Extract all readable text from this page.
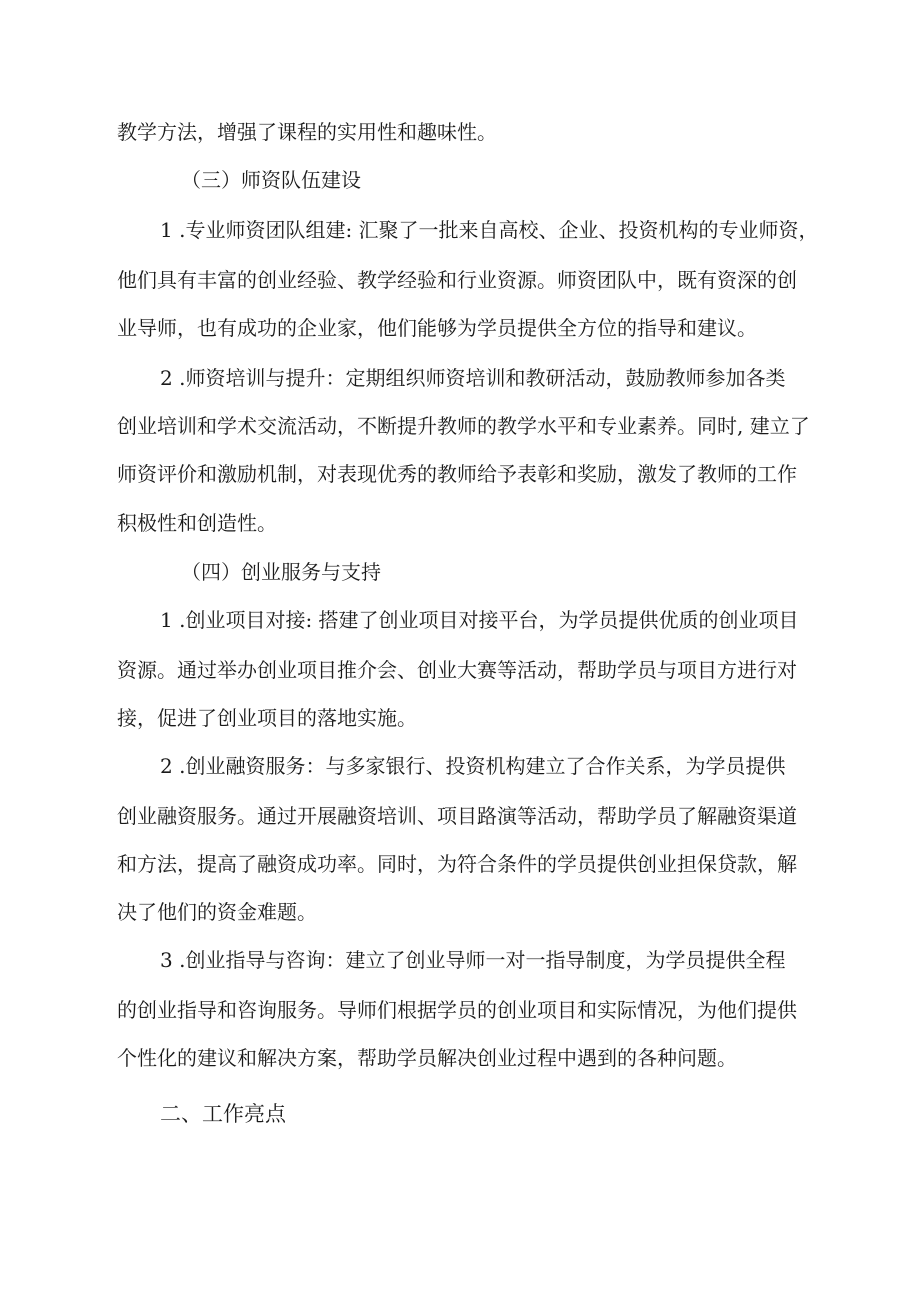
教学方法，增强了课程的实用性和趣味性。
（三）师资队伍建设
1 .专业师资团队组建: 汇聚了一批来自高校、企业、投资机构的专业师资，
他们具有丰富的创业经验、教学经验和行业资源。师资团队中，既有资深的创
业导师，也有成功的企业家，他们能够为学员提供全方位的指导和建议。
2 .师资培训与提升：定期组织师资培训和教研活动，鼓励教师参加各类
创业培训和学术交流活动，不断提升教师的教学水平和专业素养。同时, 建立了
师资评价和激励机制，对表现优秀的教师给予表彰和奖励，激发了教师的工作
积极性和创造性。
（四）创业服务与支持
1 .创业项目对接: 搭建了创业项目对接平台，为学员提供优质的创业项目
资源。通过举办创业项目推介会、创业大赛等活动，帮助学员与项目方进行对
接，促进了创业项目的落地实施。
2 .创业融资服务：与多家银行、投资机构建立了合作关系，为学员提供
创业融资服务。通过开展融资培训、项目路演等活动，帮助学员了解融资渠道
和方法，提高了融资成功率。同时，为符合条件的学员提供创业担保贷款，解
决了他们的资金难题。
3 .创业指导与咨询：建立了创业导师一对一指导制度，为学员提供全程
的创业指导和咨询服务。导师们根据学员的创业项目和实际情况，为他们提供
个性化的建议和解决方案，帮助学员解决创业过程中遇到的各种问题。
二、工作亮点
